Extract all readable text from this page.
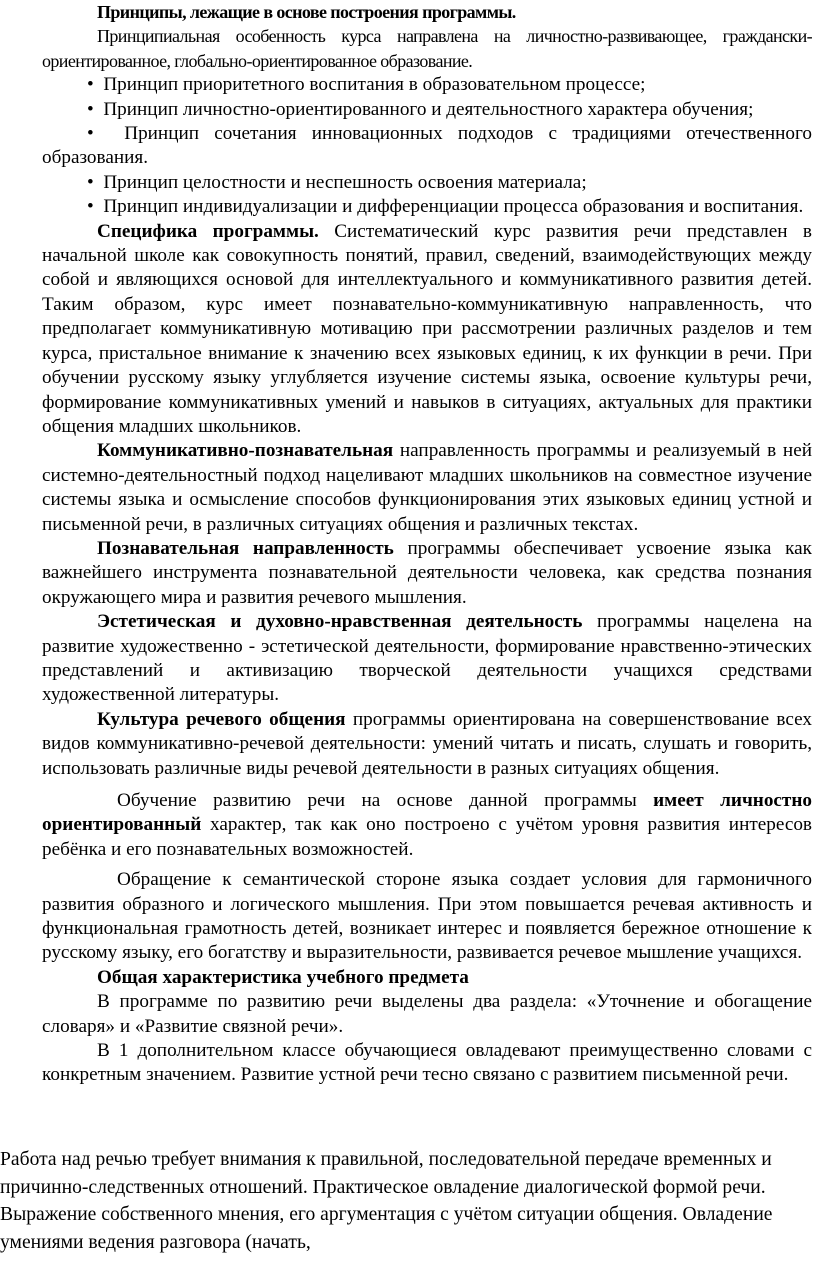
Принципы, лежащие в основе построения программы.

Принципиальная особенность курса направлена на личностно-развивающее, граждански-ориентированное, глобально-ориентированное образование.

•  Принцип приоритетного воспитания в образовательном процессе;

•  Принцип личностно-ориентированного и деятельностного характера обучения;

•  Принцип сочетания инновационных подходов с традициями отечественного образования.

•  Принцип целостности и неспешность освоения материала;

•  Принцип индивидуализации и дифференциации процесса образования и воспитания.

Специфика программы. Систематический курс развития речи представлен в начальной школе как совокупность понятий, правил, сведений, взаимодействующих между собой и являющихся основой для интеллектуального и коммуникативного развития детей. Таким образом, курс имеет познавательно-коммуникативную направленность, что предполагает коммуникативную мотивацию при рассмотрении различных разделов и тем курса, пристальное внимание к значению всех языковых единиц, к их функции в речи. При обучении русскому языку углубляется изучение системы языка, освоение культуры речи, формирование коммуникативных умений и навыков в ситуациях, актуальных для практики общения младших школьников.

Коммуникативно-познавательная направленность программы и реализуемый в ней системно-деятельностный подход нацеливают младших школьников на совместное изучение системы языка и осмысление способов функционирования этих языковых единиц устной и письменной речи, в различных ситуациях общения и различных текстах.

Познавательная направленность программы обеспечивает усвоение языка как важнейшего инструмента познавательной деятельности человека, как средства познания окружающего мира и развития речевого мышления.

Эстетическая и духовно-нравственная деятельность программы нацелена на развитие художественно - эстетической деятельности, формирование нравственно-этических представлений и активизацию творческой деятельности учащихся средствами художественной литературы.

Культура речевого общения программы ориентирована на совершенствование всех видов коммуникативно-речевой деятельности: умений читать и писать, слушать и говорить, использовать различные виды речевой деятельности в разных ситуациях общения.

Обучение развитию речи на основе данной программы имеет личностно ориентированный характер, так как оно построено с учётом уровня развития интересов ребёнка и его познавательных возможностей.

Обращение к семантической стороне языка создает условия для гармоничного развития образного и логического мышления. При этом повышается речевая активность и функциональная грамотность детей, возникает интерес и появляется бережное отношение к русскому языку, его богатству и выразительности, развивается речевое мышление учащихся.

Общая характеристика учебного предмета

В программе по развитию речи выделены два раздела: «Уточнение и обогащение словаря» и «Развитие связной речи».

В 1 дополнительном классе обучающиеся овладевают преимущественно словами с конкретным значением. Развитие устной речи тесно связано с развитием письменной речи.

Работа над речью требует внимания к правильной, последовательной передаче временных и причинно-следственных отношений. Практическое овладение диалогической формой речи.

Выражение собственного мнения, его аргументация с учётом ситуации общения. Овладение умениями ведения разговора (начать,
